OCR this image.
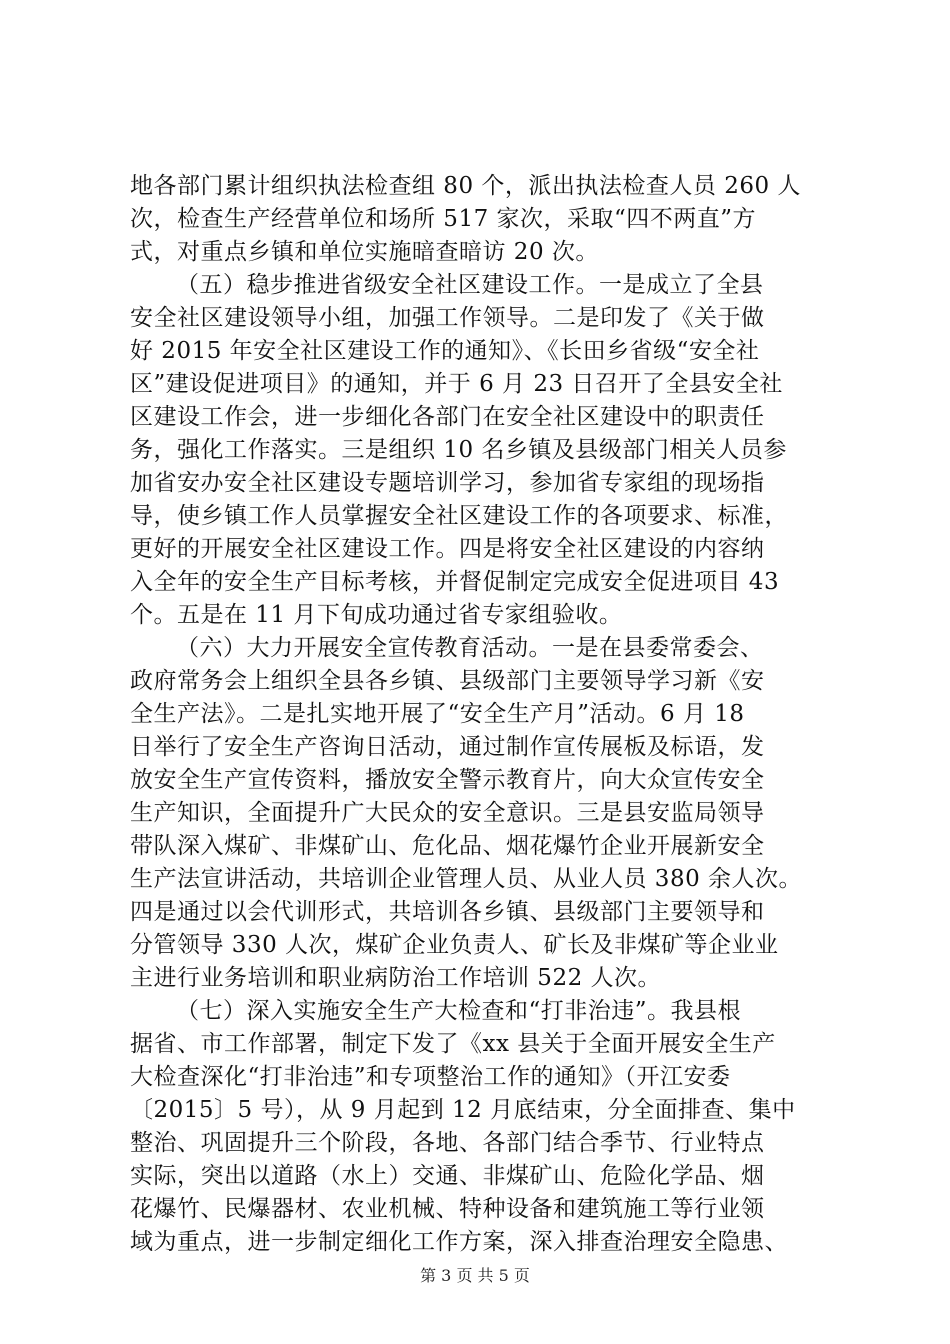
地各部门累计组织执法检查组 80 个，派出执法检查人员 260 人
次，检查生产经营单位和场所 517 家次，采取“四不两直”方
式，对重点乡镇和单位实施暗查暗访 20 次。
（五）稳步推进省级安全社区建设工作。一是成立了全县
安全社区建设领导小组，加强工作领导。二是印发了《关于做
好 2015 年安全社区建设工作的通知》、《长田乡省级“安全社
区”建设促进项目》的通知，并于 6 月 23 日召开了全县安全社
区建设工作会，进一步细化各部门在安全社区建设中的职责任
务，强化工作落实。三是组织 10 名乡镇及县级部门相关人员参
加省安办安全社区建设专题培训学习，参加省专家组的现场指
导，使乡镇工作人员掌握安全社区建设工作的各项要求、标准，
更好的开展安全社区建设工作。四是将安全社区建设的内容纳
入全年的安全生产目标考核，并督促制定完成安全促进项目 43
个。五是在 11 月下旬成功通过省专家组验收。
（六）大力开展安全宣传教育活动。一是在县委常委会、
政府常务会上组织全县各乡镇、县级部门主要领导学习新《安
全生产法》。二是扎实地开展了“安全生产月”活动。6 月 18
日举行了安全生产咨询日活动，通过制作宣传展板及标语，发
放安全生产宣传资料，播放安全警示教育片，向大众宣传安全
生产知识，全面提升广大民众的安全意识。三是县安监局领导
带队深入煤矿、非煤矿山、危化品、烟花爆竹企业开展新安全
生产法宣讲活动，共培训企业管理人员、从业人员 380 余人次。
四是通过以会代训形式，共培训各乡镇、县级部门主要领导和
分管领导 330 人次，煤矿企业负责人、矿长及非煤矿等企业业
主进行业务培训和职业病防治工作培训 522 人次。
（七）深入实施安全生产大检查和“打非治违”。我县根
据省、市工作部署，制定下发了《xx 县关于全面开展安全生产
大检查深化“打非治违”和专项整治工作的通知》（开江安委
〔2015〕5 号），从 9 月起到 12 月底结束，分全面排查、集中
整治、巩固提升三个阶段，各地、各部门结合季节、行业特点
实际，突出以道路（水上）交通、非煤矿山、危险化学品、烟
花爆竹、民爆器材、农业机械、特种设备和建筑施工等行业领
域为重点，进一步制定细化工作方案，深入排查治理安全隐患、
第 3 页 共 5 页
